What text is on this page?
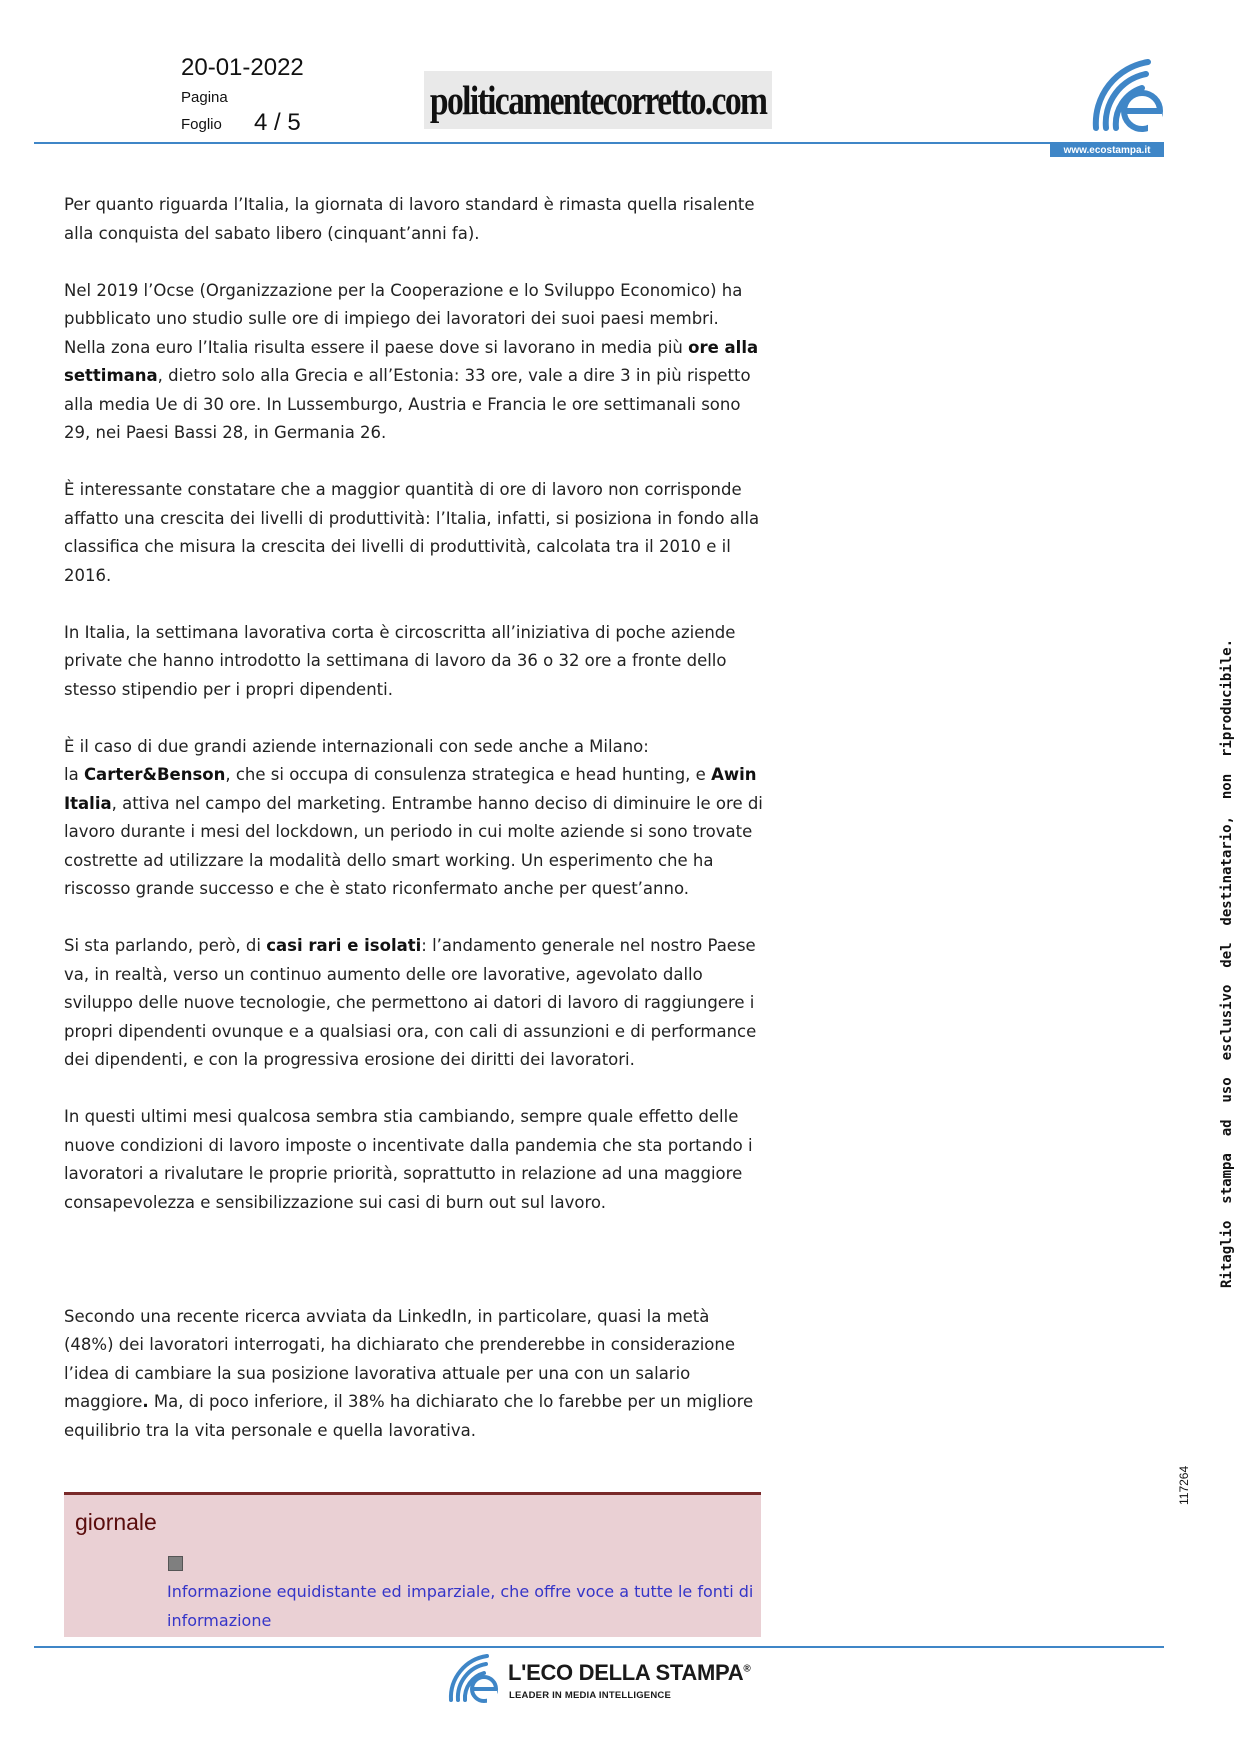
20-01-2022
Pagina
Foglio 4 / 5	politicamentecorretto.com
www.ecostampa.it

Per quanto riguarda l’Italia, la giornata di lavoro standard è rimasta quella risalente alla conquista del sabato libero (cinquant’anni fa).

Nel 2019 l’Ocse (Organizzazione per la Cooperazione e lo Sviluppo Economico) ha pubblicato uno studio sulle ore di impiego dei lavoratori dei suoi paesi membri. Nella zona euro l’Italia risulta essere il paese dove si lavorano in media più ore alla settimana, dietro solo alla Grecia e all’Estonia: 33 ore, vale a dire 3 in più rispetto alla media Ue di 30 ore. In Lussemburgo, Austria e Francia le ore settimanali sono 29, nei Paesi Bassi 28, in Germania 26.

È interessante constatare che a maggior quantità di ore di lavoro non corrisponde affatto una crescita dei livelli di produttività: l’Italia, infatti, si posiziona in fondo alla classifica che misura la crescita dei livelli di produttività, calcolata tra il 2010 e il 2016.

In Italia, la settimana lavorativa corta è circoscritta all’iniziativa di poche aziende private che hanno introdotto la settimana di lavoro da 36 o 32 ore a fronte dello stesso stipendio per i propri dipendenti.

È il caso di due grandi aziende internazionali con sede anche a Milano:
la Carter&Benson, che si occupa di consulenza strategica e head hunting, e Awin Italia, attiva nel campo del marketing. Entrambe hanno deciso di diminuire le ore di lavoro durante i mesi del lockdown, un periodo in cui molte aziende si sono trovate costrette ad utilizzare la modalità dello smart working. Un esperimento che ha riscosso grande successo e che è stato riconfermato anche per quest’anno.

Si sta parlando, però, di casi rari e isolati: l’andamento generale nel nostro Paese va, in realtà, verso un continuo aumento delle ore lavorative, agevolato dallo sviluppo delle nuove tecnologie, che permettono ai datori di lavoro di raggiungere i propri dipendenti ovunque e a qualsiasi ora, con cali di assunzioni e di performance dei dipendenti, e con la progressiva erosione dei diritti dei lavoratori.

In questi ultimi mesi qualcosa sembra stia cambiando, sempre quale effetto delle nuove condizioni di lavoro imposte o incentivate dalla pandemia che sta portando i lavoratori a rivalutare le proprie priorità, soprattutto in relazione ad una maggiore consapevolezza e sensibilizzazione sui casi di burn out sul lavoro.

Secondo una recente ricerca avviata da LinkedIn, in particolare, quasi la metà (48%) dei lavoratori interrogati, ha dichiarato che prenderebbe in considerazione l’idea di cambiare la sua posizione lavorativa attuale per una con un salario maggiore. Ma, di poco inferiore, il 38% ha dichiarato che lo farebbe per un migliore equilibrio tra la vita personale e quella lavorativa.

Ritaglio  stampa  ad  uso  esclusivo  del  destinatario,  non  riproducibile.
117264
giornale
Informazione equidistante ed imparziale, che offre voce a tutte le fonti di informazione
L'ECO DELLA STAMPA®
LEADER IN MEDIA INTELLIGENCE
